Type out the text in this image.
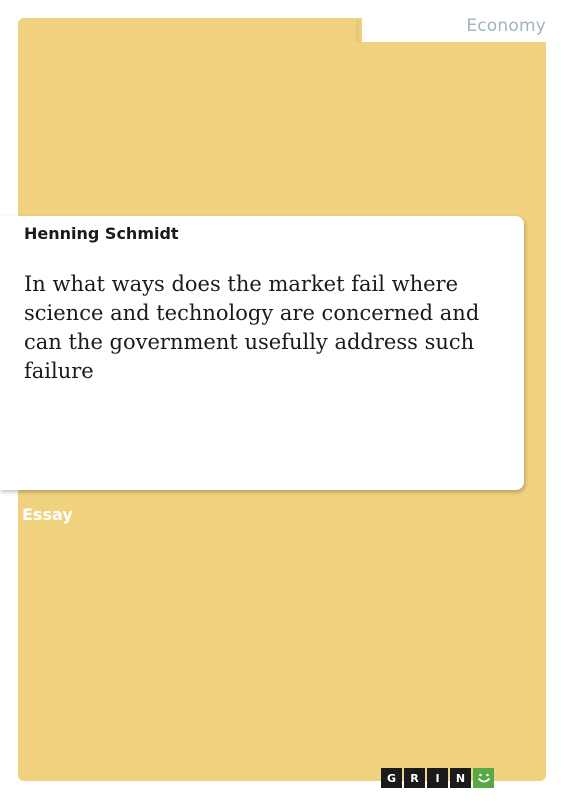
Economy
Henning Schmidt
In what ways does the market fail where science and technology are concerned and can the government usefully address such failure
Essay
G	R	I	N
